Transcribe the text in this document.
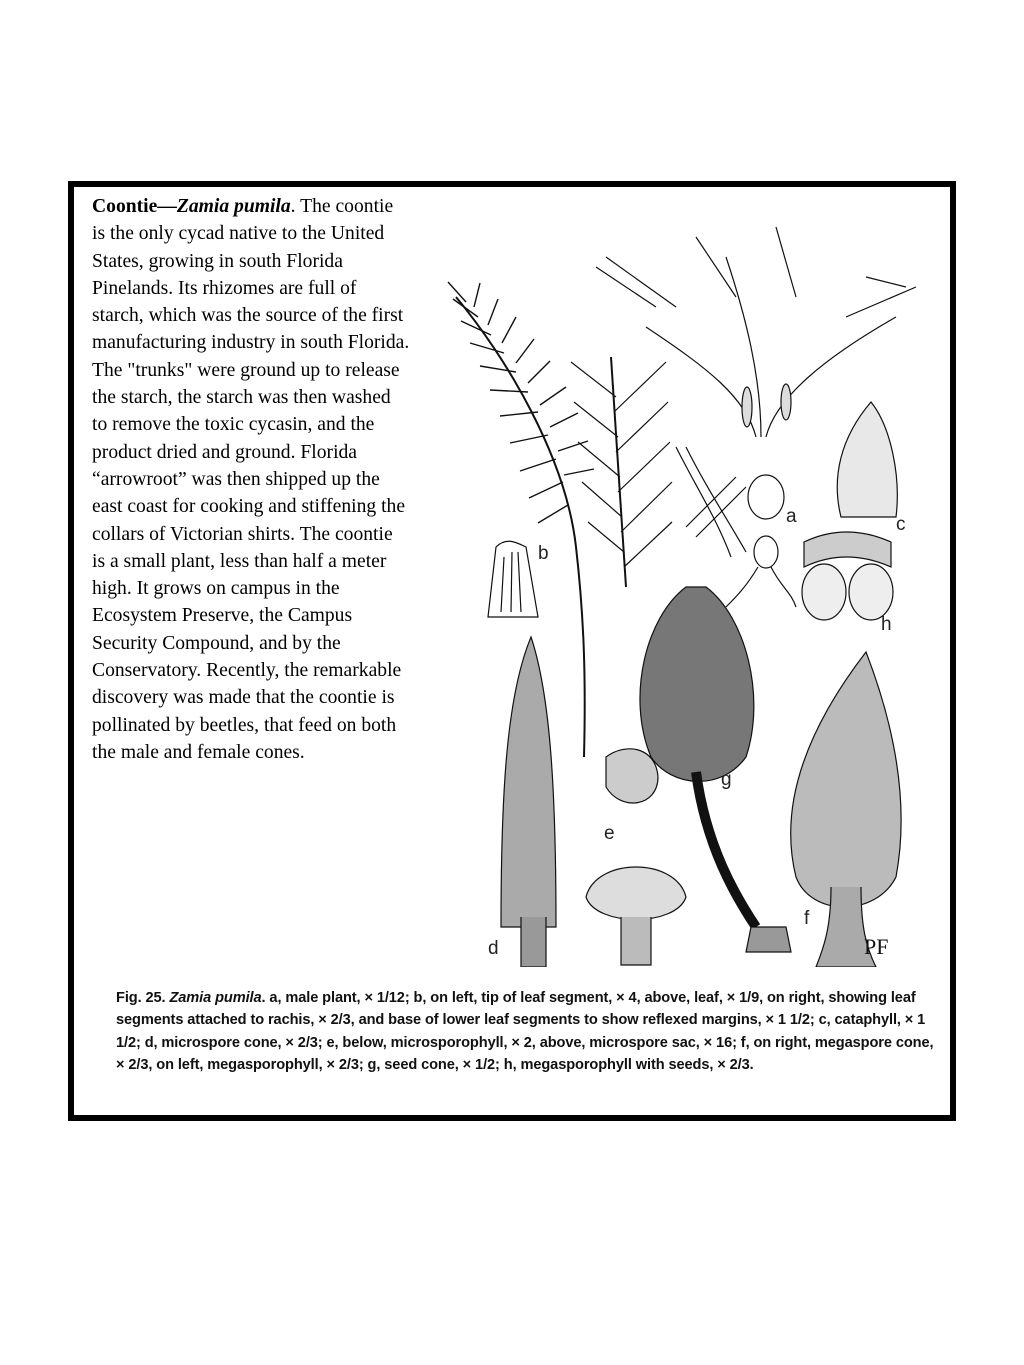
Coontie—Zamia pumila. The coontie is the only cycad native to the United States, growing in south Florida Pinelands. Its rhizomes are full of starch, which was the source of the first manufacturing industry in south Florida. The "trunks" were ground up to release the starch, the starch was then washed to remove the toxic cycasin, and the product dried and ground. Florida “arrowroot” was then shipped up the east coast for cooking and stiffening the collars of Victorian shirts. The coontie is a small plant, less than half a meter high. It grows on campus in the Ecosystem Preserve, the Campus Security Compound, and by the Conservatory. Recently, the remarkable discovery was made that the coontie is pollinated by beetles, that feed on both the male and female cones.
a
b
c
d
e
f
g
h
PF
Fig. 25. Zamia pumila. a, male plant, × 1/12; b, on left, tip of leaf segment, × 4, above, leaf, × 1/9, on right, showing leaf segments attached to rachis, × 2/3, and base of lower leaf segments to show reflexed margins, × 1 1/2; c, cataphyll, × 1 1/2; d, microspore cone, × 2/3; e, below, microsporophyll, × 2, above, microspore sac, × 16; f, on right, megaspore cone, × 2/3, on left, megasporophyll, × 2/3; g, seed cone, × 1/2; h, megasporophyll with seeds, × 2/3.
